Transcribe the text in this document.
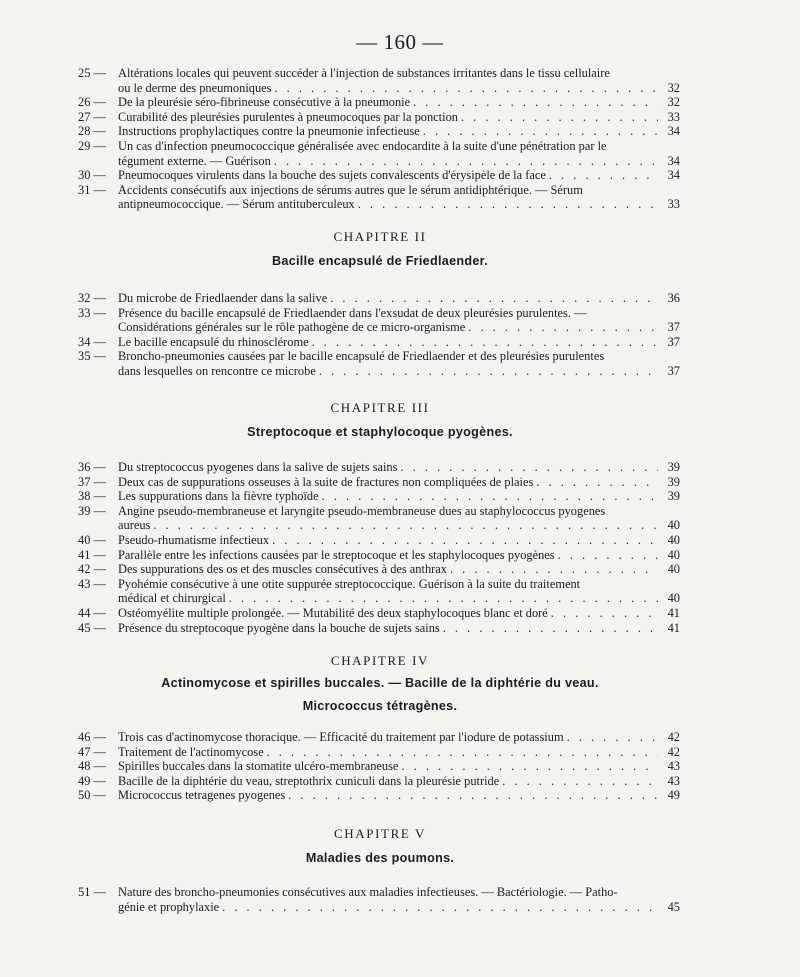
— 160 —
25 — Altérations locales qui peuvent succéder à l'injection de substances irritantes dans le tissu cellulaire
ou le derme des pneumoniques . . .	32
26 — De la pleurésie séro-fibrineuse consécutive à la pneumonie . . .	32
27 — Curabilité des pleurésies purulentes à pneumocoques par la ponction . . .	33
28 — Instructions prophylactiques contre la pneumonie infectieuse . . .	34
29 — Un cas d'infection pneumococcique généralisée avec endocardite à la suite d'une pénétration par le
tégument externe. — Guérison . . .	34
30 — Pneumocoques virulents dans la bouche des sujets convalescents d'érysipèle de la face . . .	34
31 — Accidents consécutifs aux injections de sérums autres que le sérum antidiphtérique. — Sérum
antipneumococcique. — Sérum antituberculeux . . .	33
CHAPITRE II
Bacille encapsulé de Friedlaender.
32 — Du microbe de Friedlaender dans la salive . . .	36
33 — Présence du bacille encapsulé de Friedlaender dans l'exsudat de deux pleurésies purulentes. —
Considérations générales sur le rôle pathogène de ce micro-organisme . . .	37
34 — Le bacille encapsulé du rhinosclérome . . .	37
35 — Broncho-pneumonies causées par le bacille encapsulé de Friedlaender et des pleurésies purulentes
dans lesquelles on rencontre ce microbe . . .	37
CHAPITRE III
Streptocoque et staphylocoque pyogènes.
36 — Du streptococcus pyogenes dans la salive de sujets sains . . .	39
37 — Deux cas de suppurations osseuses à la suite de fractures non compliquées de plaies . . .	39
38 — Les suppurations dans la fièvre typhoïde . . .	39
39 — Angine pseudo-membraneuse et laryngite pseudo-membraneuse dues au staphylococcus pyogenes
aureus . . .	40
40 — Pseudo-rhumatisme infectieux . . .	40
41 — Parallèle entre les infections causées par le streptocoque et les staphylocoques pyogènes . . .	40
42 — Des suppurations des os et des muscles consécutives à des anthrax . . .	40
43 — Pyohémie consécutive à une otite suppurée streptococcique. Guérison à la suite du traitement
médical et chirurgical . . .	40
44 — Ostéomyélite multiple prolongée. — Mutabilité des deux staphylocoques blanc et doré . . .	41
45 — Présence du streptocoque pyogène dans la bouche de sujets sains . . .	41
CHAPITRE IV
Actinomycose et spirilles buccales. — Bacille de la diphtérie du veau.
Micrococcus tétragènes.
46 — Trois cas d'actinomycose thoracique. — Efficacité du traitement par l'iodure de potassium . . .	42
47 — Traitement de l'actinomycose . . .	42
48 — Spirilles buccales dans la stomatite ulcéro-membraneuse . . .	43
49 — Bacille de la diphtérie du veau, streptothrix cuniculi dans la pleurésie putride . . .	43
50 — Micrococcus tetragenes pyogenes . . .	49
CHAPITRE V
Maladies des poumons.
51 — Nature des broncho-pneumonies consécutives aux maladies infectieuses. — Bactériologie. — Patho-
génie et prophylaxie . . .	45
